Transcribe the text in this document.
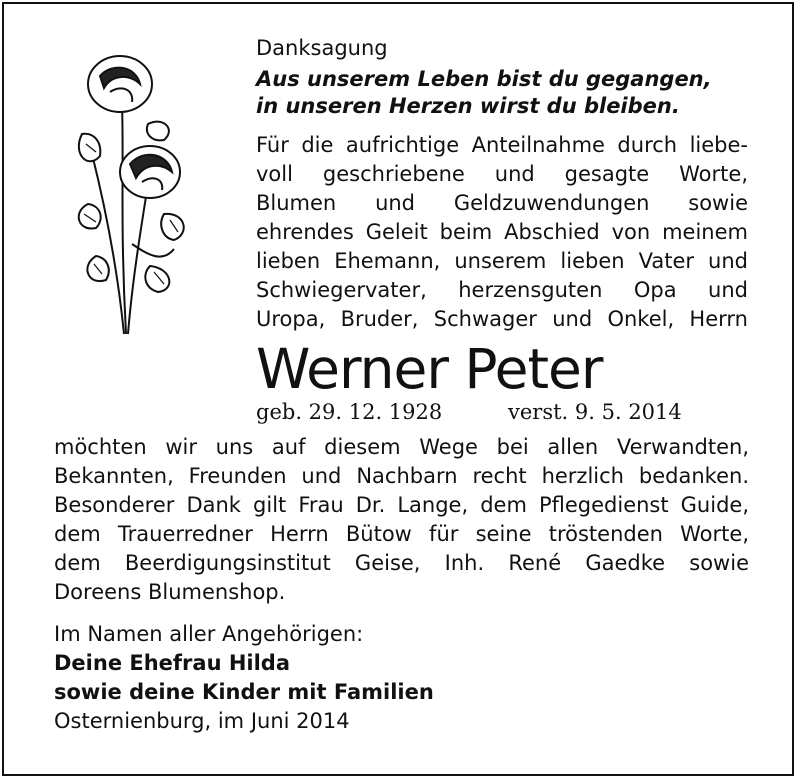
Danksagung
Aus unserem Leben bist du gegangen,
in unseren Herzen wirst du bleiben.
Für die aufrichtige Anteilnahme durch liebe-
voll geschriebene und gesagte Worte,
Blumen und Geldzuwendungen sowie
ehrendes Geleit beim Abschied von meinem
lieben Ehemann, unserem lieben Vater und
Schwiegervater, herzensguten Opa und
Uropa, Bruder, Schwager und Onkel, Herrn
Werner Peter
geb. 29. 12. 1928	verst. 9. 5. 2014
möchten wir uns auf diesem Wege bei allen Verwandten,
Bekannten, Freunden und Nachbarn recht herzlich bedanken.
Besonderer Dank gilt Frau Dr. Lange, dem Pflegedienst Guide,
dem Trauerredner Herrn Bütow für seine tröstenden Worte,
dem Beerdigungsinstitut Geise, Inh. René Gaedke sowie
Doreens Blumenshop.
Im Namen aller Angehörigen:
Deine Ehefrau Hilda
sowie deine Kinder mit Familien
Osternienburg, im Juni 2014
